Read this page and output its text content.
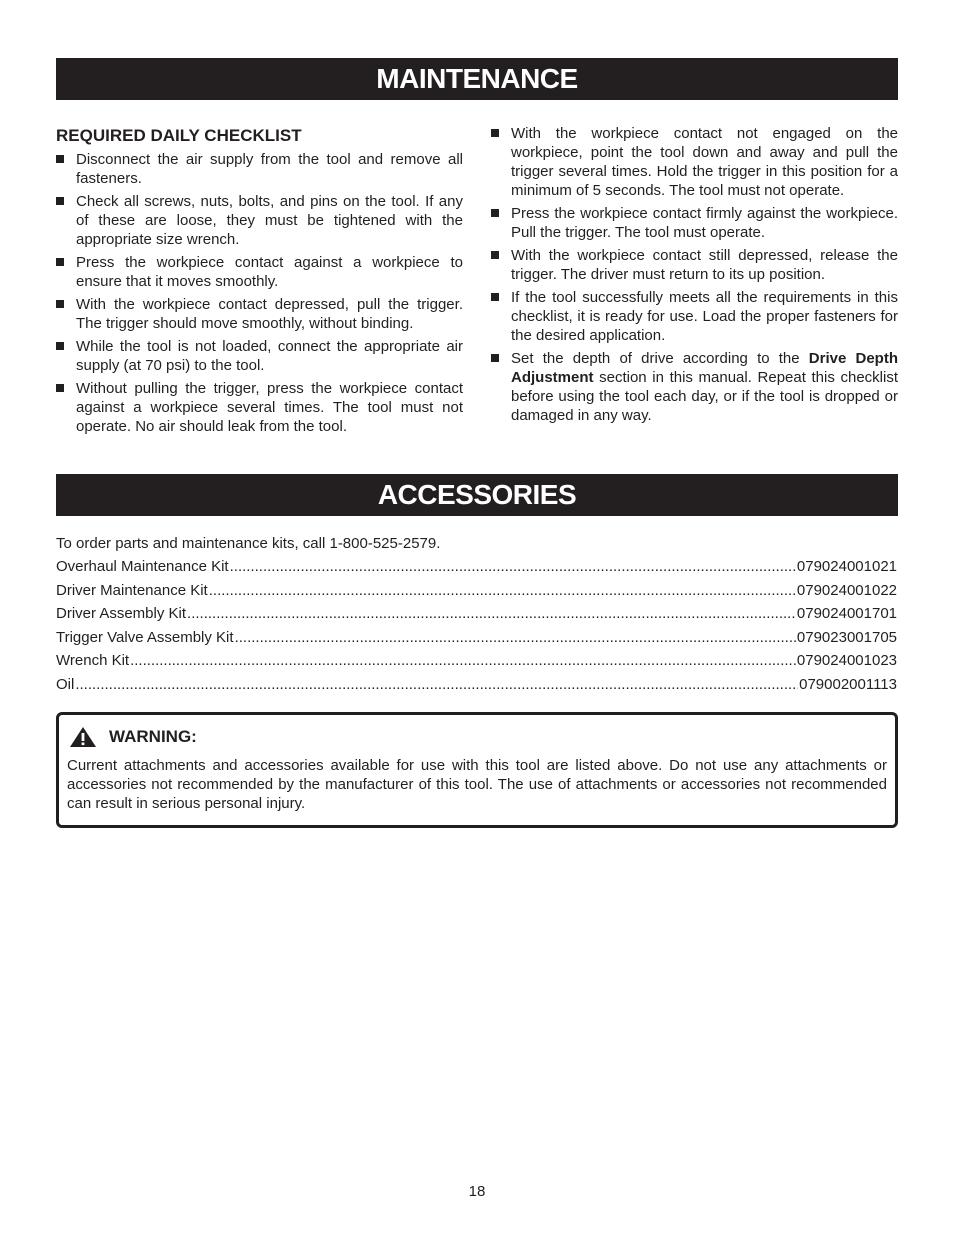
MAINTENANCE
REQUIRED DAILY CHECKLIST
Disconnect the air supply from the tool and remove all fasteners.
Check all screws, nuts, bolts, and pins on the tool. If any of these are loose, they must be tightened with the appropriate size wrench.
Press the workpiece contact against a workpiece to ensure that it moves smoothly.
With the workpiece contact depressed, pull the trigger. The trigger should move smoothly, without binding.
While the tool is not loaded, connect the appropriate air supply (at 70 psi) to the tool.
Without pulling the trigger, press the workpiece contact against a workpiece several times. The tool must not operate. No air should leak from the tool.
With the workpiece contact not engaged on the workpiece, point the tool down and away and pull the trigger several times. Hold the trigger in this position for a minimum of 5 seconds. The tool must not operate.
Press the workpiece contact firmly against the workpiece. Pull the trigger. The tool must operate.
With the workpiece contact still depressed, release the trigger. The driver must return to its up position.
If the tool successfully meets all the requirements in this checklist, it is ready for use. Load the proper fasteners for the desired application.
Set the depth of drive according to the Drive Depth Adjustment section in this manual. Repeat this checklist before using the tool each day, or if the tool is dropped or damaged in any way.
ACCESSORIES
To order parts and maintenance kits, call 1-800-525-2579.
Overhaul Maintenance Kit .....	079024001021
Driver Maintenance Kit .....	079024001022
Driver Assembly Kit .....	079024001701
Trigger Valve Assembly Kit .....	079023001705
Wrench Kit .....	079024001023
Oil .....	079002001113
WARNING:
Current attachments and accessories available for use with this tool are listed above. Do not use any attachments or accessories not recommended by the manufacturer of this tool. The use of attachments or accessories not recommended can result in serious personal injury.
18
